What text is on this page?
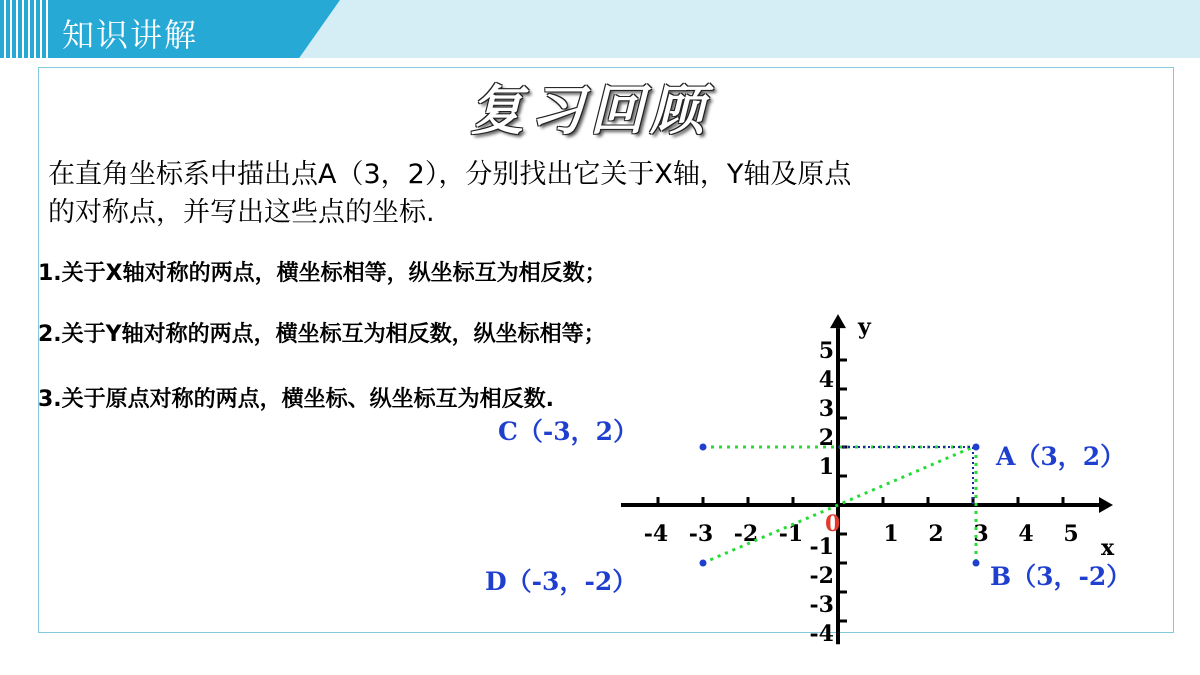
知识讲解
复习回顾
在直角坐标系中描出点A（3，2），分别找出它关于X轴，Y轴及原点
的对称点，并写出这些点的坐标.
1.关于X轴对称的两点，横坐标相等，纵坐标互为相反数；
2.关于Y轴对称的两点，横坐标互为相反数，纵坐标相等；
3.关于原点对称的两点，横坐标、纵坐标互为相反数.
-4 -3 -2 -1	1 2 3 4 5
5
4
3
2
1
-1
-2
-3
-4
x
y
0
A（3，2）
B（3，-2）
C（-3，2）
D（-3，-2）
